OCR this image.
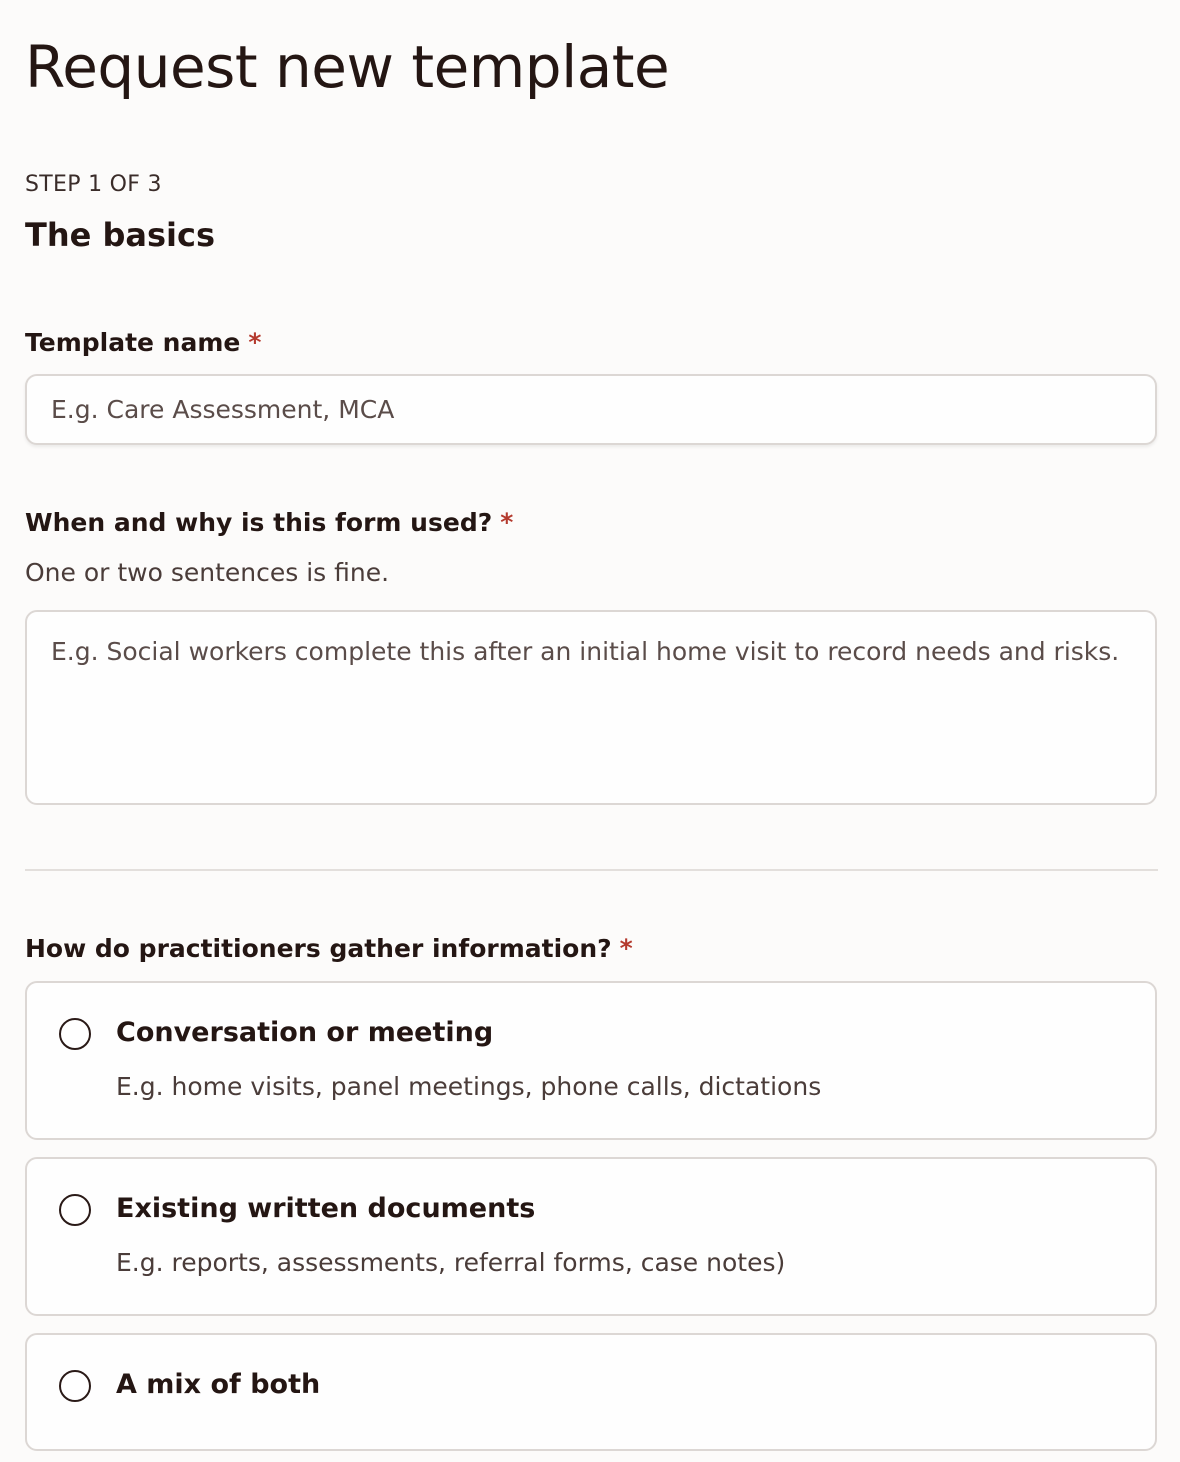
Request new template
STEP 1 OF 3
The basics
Template name *
E.g. Care Assessment, MCA
When and why is this form used? *
One or two sentences is fine.
E.g. Social workers complete this after an initial home visit to record needs and risks.
How do practitioners gather information? *
Conversation or meeting
E.g. home visits, panel meetings, phone calls, dictations
Existing written documents
E.g. reports, assessments, referral forms, case notes)
A mix of both
